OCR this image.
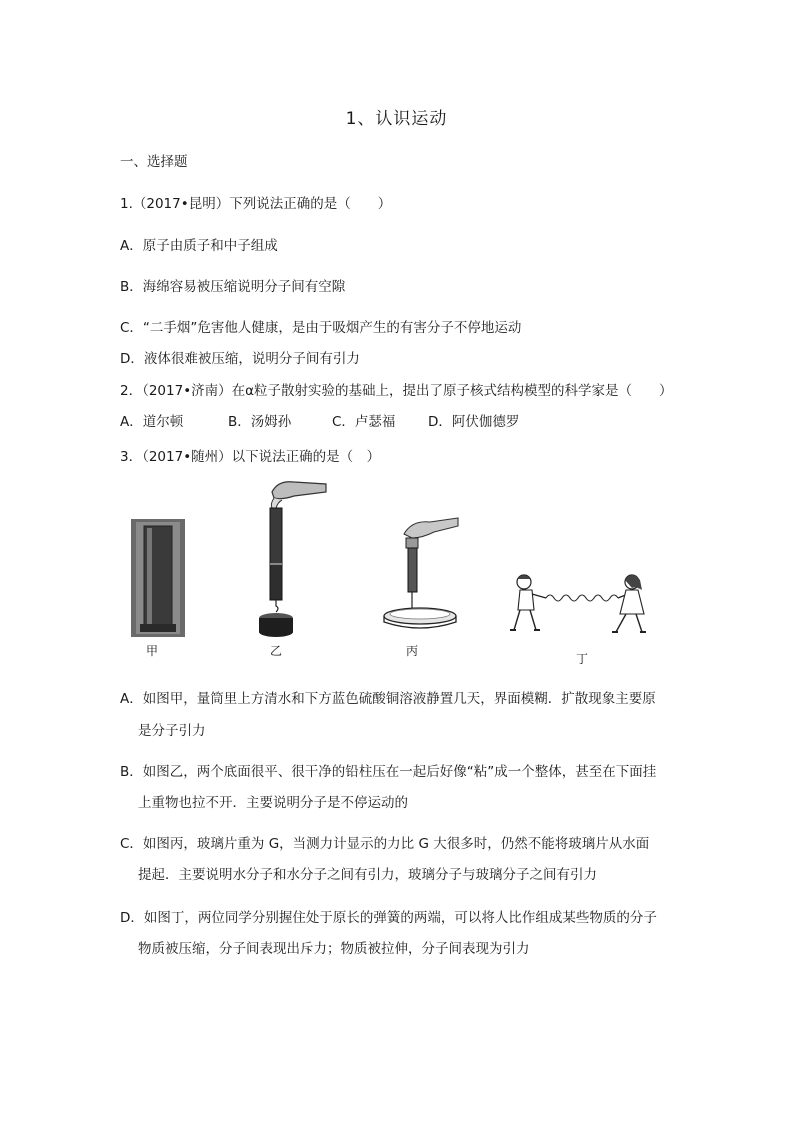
1、认识运动
一、选择题
1.（2017•昆明）下列说法正确的是（　　）
A．原子由质子和中子组成
B．海绵容易被压缩说明分子间有空隙
C．“二手烟”危害他人健康，是由于吸烟产生的有害分子不停地运动
D．液体很难被压缩，说明分子间有引力
2．（2017•济南）在α粒子散射实验的基础上，提出了原子核式结构模型的科学家是（　　）
A．道尔顿	B．汤姆孙	C．卢瑟福 D．阿伏伽德罗
3．（2017•随州）以下说法正确的是（　）
甲	乙	丙
丁
A．如图甲，量筒里上方清水和下方蓝色硫酸铜溶液静置几天，界面模糊．扩散现象主要原
是分子引力
B．如图乙，两个底面很平、很干净的铅柱压在一起后好像“粘”成一个整体，甚至在下面挂
上重物也拉不开．主要说明分子是不停运动的
C．如图丙，玻璃片重为 G，当测力计显示的力比 G 大很多时，仍然不能将玻璃片从水面
提起．主要说明水分子和水分子之间有引力，玻璃分子与玻璃分子之间有引力
D．如图丁，两位同学分别握住处于原长的弹簧的两端，可以将人比作组成某些物质的分子
物质被压缩，分子间表现出斥力；物质被拉伸，分子间表现为引力
